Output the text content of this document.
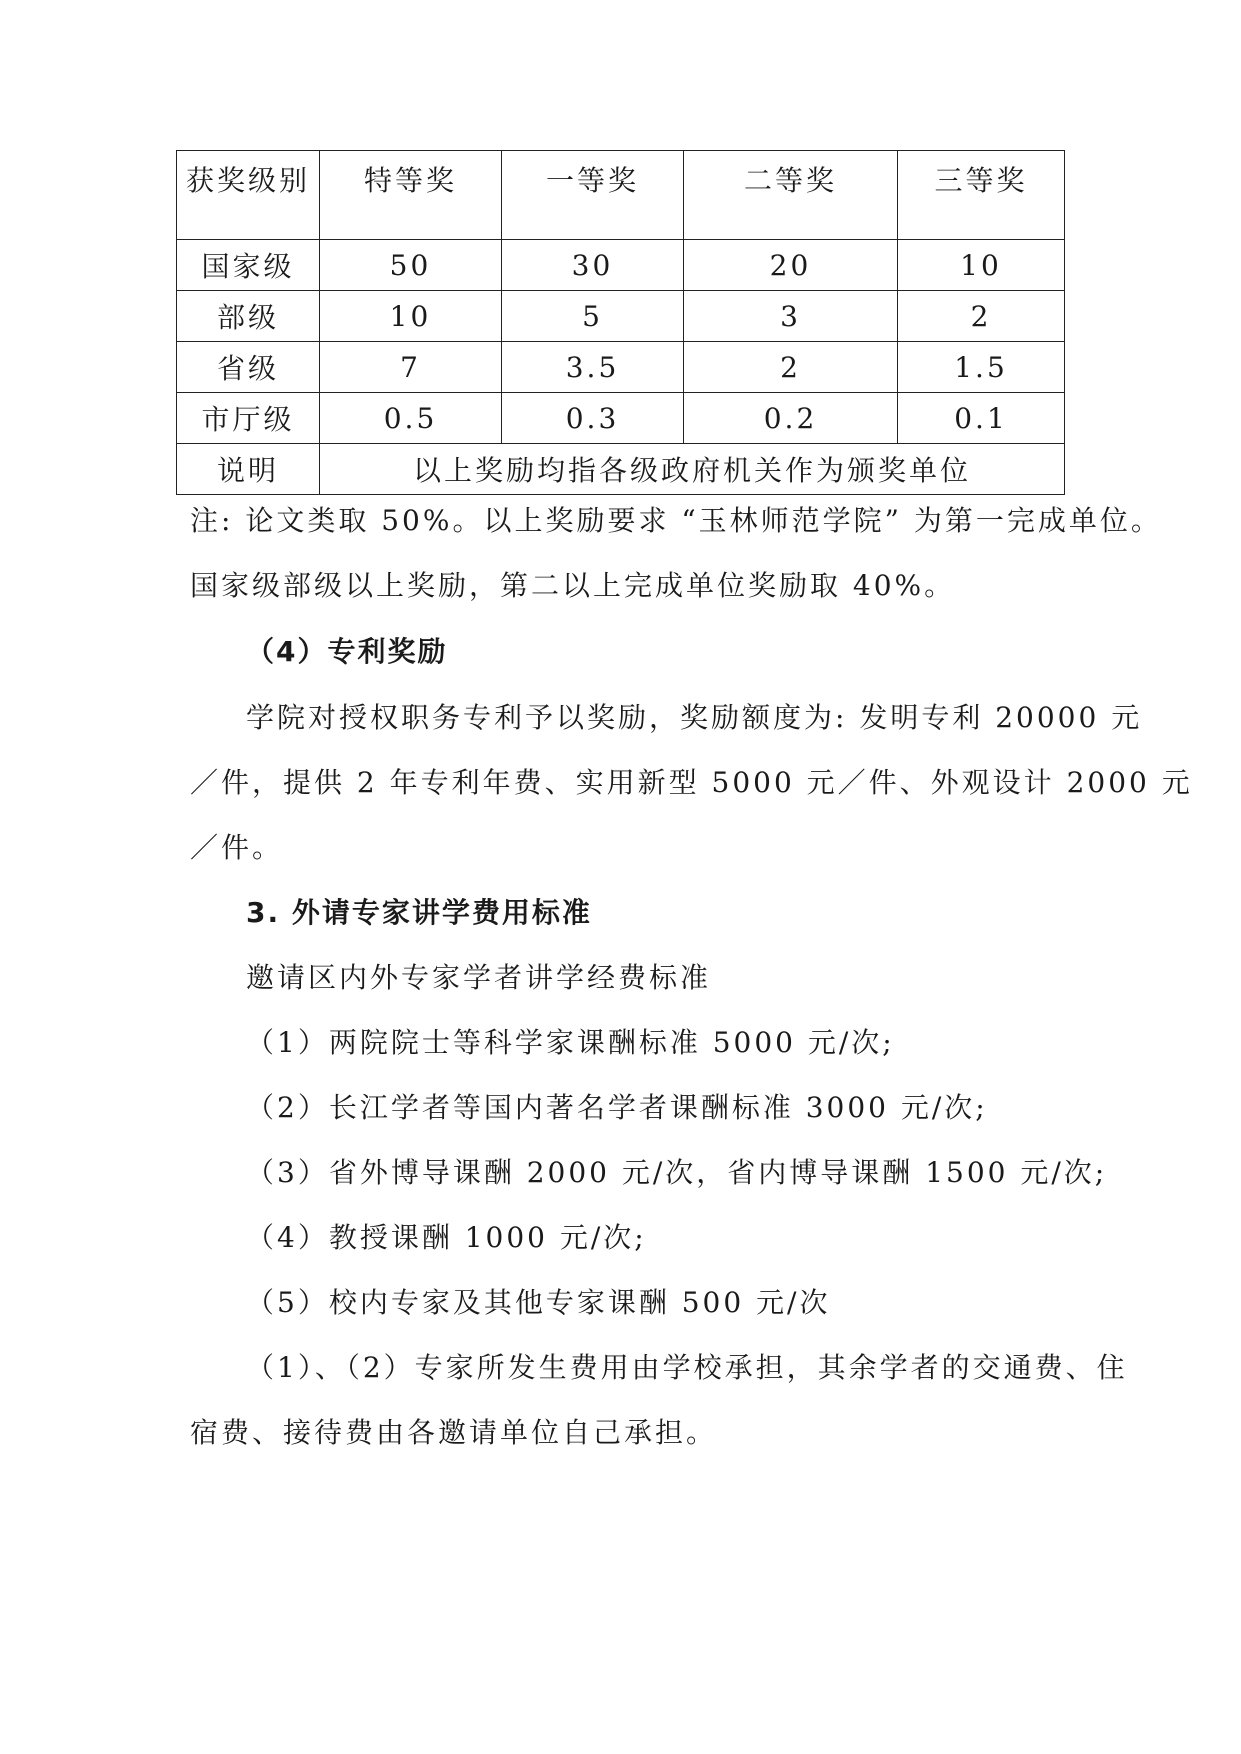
获奖级别	特等奖	一等奖	二等奖	三等奖
国家级	50	30	20	10
部级	10	5	3	2
省级	7	3.5	2	1.5
市厅级	0.5	0.3	0.2	0.1
说明	以上奖励均指各级政府机关作为颁奖单位			
注: 论文类取 50%。以上奖励要求 “玉林师范学院” 为第一完成单位。
国家级部级以上奖励，第二以上完成单位奖励取 40%。
（4）专利奖励
学院对授权职务专利予以奖励，奖励额度为: 发明专利 20000 元
／件，提供 2 年专利年费、实用新型 5000 元／件、外观设计 2000 元
／件。
3. 外请专家讲学费用标准
邀请区内外专家学者讲学经费标准
（1）两院院士等科学家课酬标准 5000 元/次;
（2）长江学者等国内著名学者课酬标准 3000 元/次;
（3）省外博导课酬 2000 元/次，省内博导课酬 1500 元/次;
（4）教授课酬 1000 元/次;
（5）校内专家及其他专家课酬 500 元/次
（1）、（2）专家所发生费用由学校承担，其余学者的交通费、住
宿费、接待费由各邀请单位自己承担。
